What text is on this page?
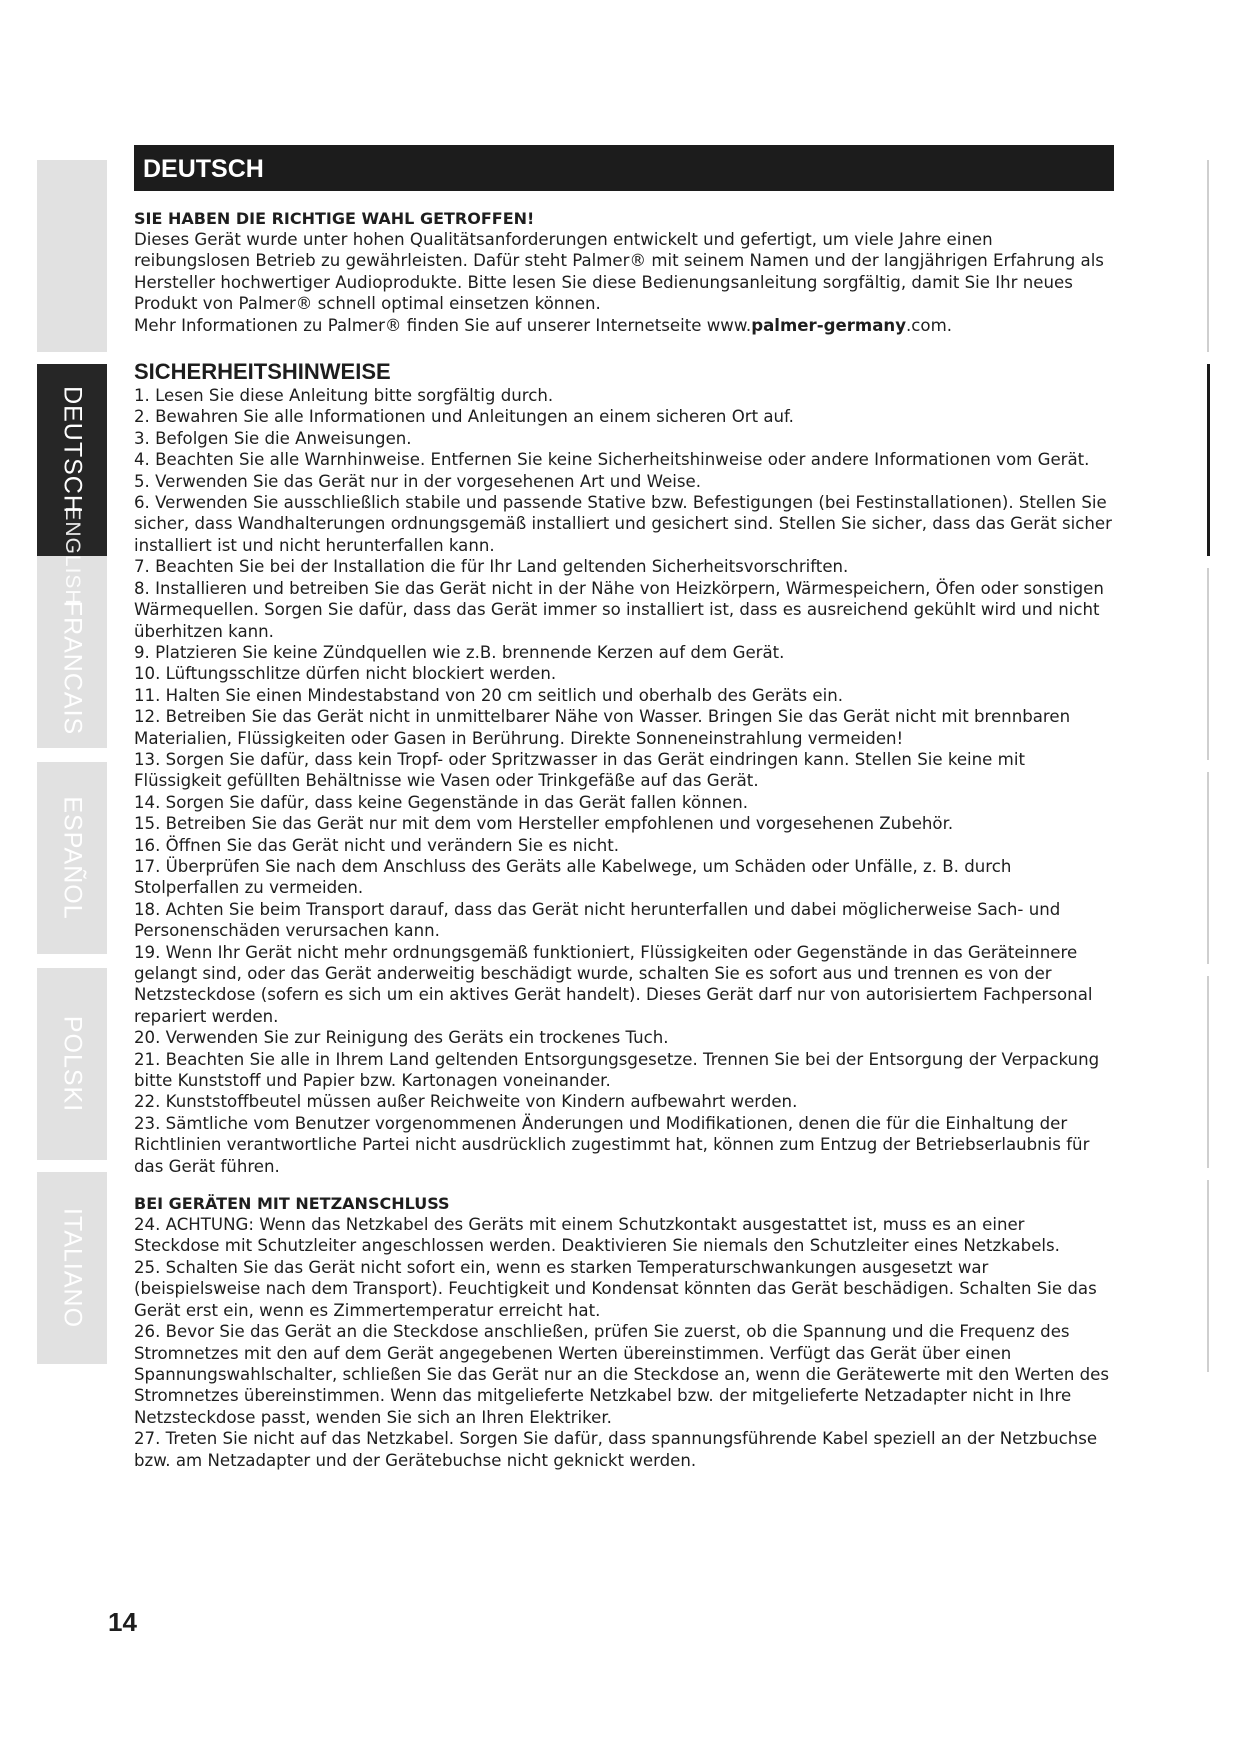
DEUTSCH
FRANCAIS
ENGLISH
ESPAÑOL
POLSKI
ITALIANO
DEUTSCH

SIE HABEN DIE RICHTIGE WAHL GETROFFEN!

Dieses Gerät wurde unter hohen Qualitätsanforderungen entwickelt und gefertigt, um viele Jahre einen reibungslosen Betrieb zu gewährleisten. Dafür steht Palmer® mit seinem Namen und der langjährigen Erfahrung als Hersteller hochwertiger Audioprodukte. Bitte lesen Sie diese Bedienungsanleitung sorgfältig, damit Sie Ihr neues Produkt von Palmer® schnell optimal einsetzen können.

Mehr Informationen zu Palmer® finden Sie auf unserer Internetseite www.palmer-germany.com.

SICHERHEITSHINWEISE

1. Lesen Sie diese Anleitung bitte sorgfältig durch.

2. Bewahren Sie alle Informationen und Anleitungen an einem sicheren Ort auf.

3. Befolgen Sie die Anweisungen.

4. Beachten Sie alle Warnhinweise. Entfernen Sie keine Sicherheitshinweise oder andere Informationen vom Gerät.

5. Verwenden Sie das Gerät nur in der vorgesehenen Art und Weise.

6. Verwenden Sie ausschließlich stabile und passende Stative bzw. Befestigungen (bei Festinstallationen). Stellen Sie sicher, dass Wandhalterungen ordnungsgemäß installiert und gesichert sind. Stellen Sie sicher, dass das Gerät sicher installiert ist und nicht herunterfallen kann.

7. Beachten Sie bei der Installation die für Ihr Land geltenden Sicherheitsvorschriften.

8. Installieren und betreiben Sie das Gerät nicht in der Nähe von Heizkörpern, Wärmespeichern, Öfen oder sonstigen Wärmequellen. Sorgen Sie dafür, dass das Gerät immer so installiert ist, dass es ausreichend gekühlt wird und nicht überhitzen kann.

9. Platzieren Sie keine Zündquellen wie z.B. brennende Kerzen auf dem Gerät.

10. Lüftungsschlitze dürfen nicht blockiert werden.

11. Halten Sie einen Mindestabstand von 20 cm seitlich und oberhalb des Geräts ein.

12. Betreiben Sie das Gerät nicht in unmittelbarer Nähe von Wasser. Bringen Sie das Gerät nicht mit brennbaren Materialien, Flüssigkeiten oder Gasen in Berührung. Direkte Sonneneinstrahlung vermeiden!

13. Sorgen Sie dafür, dass kein Tropf- oder Spritzwasser in das Gerät eindringen kann. Stellen Sie keine mit Flüssigkeit gefüllten Behältnisse wie Vasen oder Trinkgefäße auf das Gerät.

14. Sorgen Sie dafür, dass keine Gegenstände in das Gerät fallen können.

15. Betreiben Sie das Gerät nur mit dem vom Hersteller empfohlenen und vorgesehenen Zubehör.

16. Öffnen Sie das Gerät nicht und verändern Sie es nicht.

17. Überprüfen Sie nach dem Anschluss des Geräts alle Kabelwege, um Schäden oder Unfälle, z. B. durch Stolperfallen zu vermeiden.

18. Achten Sie beim Transport darauf, dass das Gerät nicht herunterfallen und dabei möglicherweise Sach- und Personenschäden verursachen kann.

19. Wenn Ihr Gerät nicht mehr ordnungsgemäß funktioniert, Flüssigkeiten oder Gegenstände in das Geräteinnere gelangt sind, oder das Gerät anderweitig beschädigt wurde, schalten Sie es sofort aus und trennen es von der Netzsteckdose (sofern es sich um ein aktives Gerät handelt). Dieses Gerät darf nur von autorisiertem Fachpersonal repariert werden.

20. Verwenden Sie zur Reinigung des Geräts ein trockenes Tuch.

21. Beachten Sie alle in Ihrem Land geltenden Entsorgungsgesetze. Trennen Sie bei der Entsorgung der Verpackung bitte Kunststoff und Papier bzw. Kartonagen voneinander.

22. Kunststoffbeutel müssen außer Reichweite von Kindern aufbewahrt werden.

23. Sämtliche vom Benutzer vorgenommenen Änderungen und Modifikationen, denen die für die Einhaltung der Richtlinien verantwortliche Partei nicht ausdrücklich zugestimmt hat, können zum Entzug der Betriebserlaubnis für das Gerät führen.

BEI GERÄTEN MIT NETZANSCHLUSS

24. ACHTUNG: Wenn das Netzkabel des Geräts mit einem Schutzkontakt ausgestattet ist, muss es an einer Steckdose mit Schutzleiter angeschlossen werden. Deaktivieren Sie niemals den Schutzleiter eines Netzkabels.

25. Schalten Sie das Gerät nicht sofort ein, wenn es starken Temperaturschwankungen ausgesetzt war (beispielsweise nach dem Transport). Feuchtigkeit und Kondensat könnten das Gerät beschädigen. Schalten Sie das Gerät erst ein, wenn es Zimmertemperatur erreicht hat.

26. Bevor Sie das Gerät an die Steckdose anschließen, prüfen Sie zuerst, ob die Spannung und die Frequenz des Stromnetzes mit den auf dem Gerät angegebenen Werten übereinstimmen. Verfügt das Gerät über einen Spannungswahlschalter, schließen Sie das Gerät nur an die Steckdose an, wenn die Gerätewerte mit den Werten des Stromnetzes übereinstimmen. Wenn das mitgelieferte Netzkabel bzw. der mitgelieferte Netzadapter nicht in Ihre Netzsteckdose passt, wenden Sie sich an Ihren Elektriker.

27. Treten Sie nicht auf das Netzkabel. Sorgen Sie dafür, dass spannungsführende Kabel speziell an der Netzbuchse bzw. am Netzadapter und der Gerätebuchse nicht geknickt werden.

14
